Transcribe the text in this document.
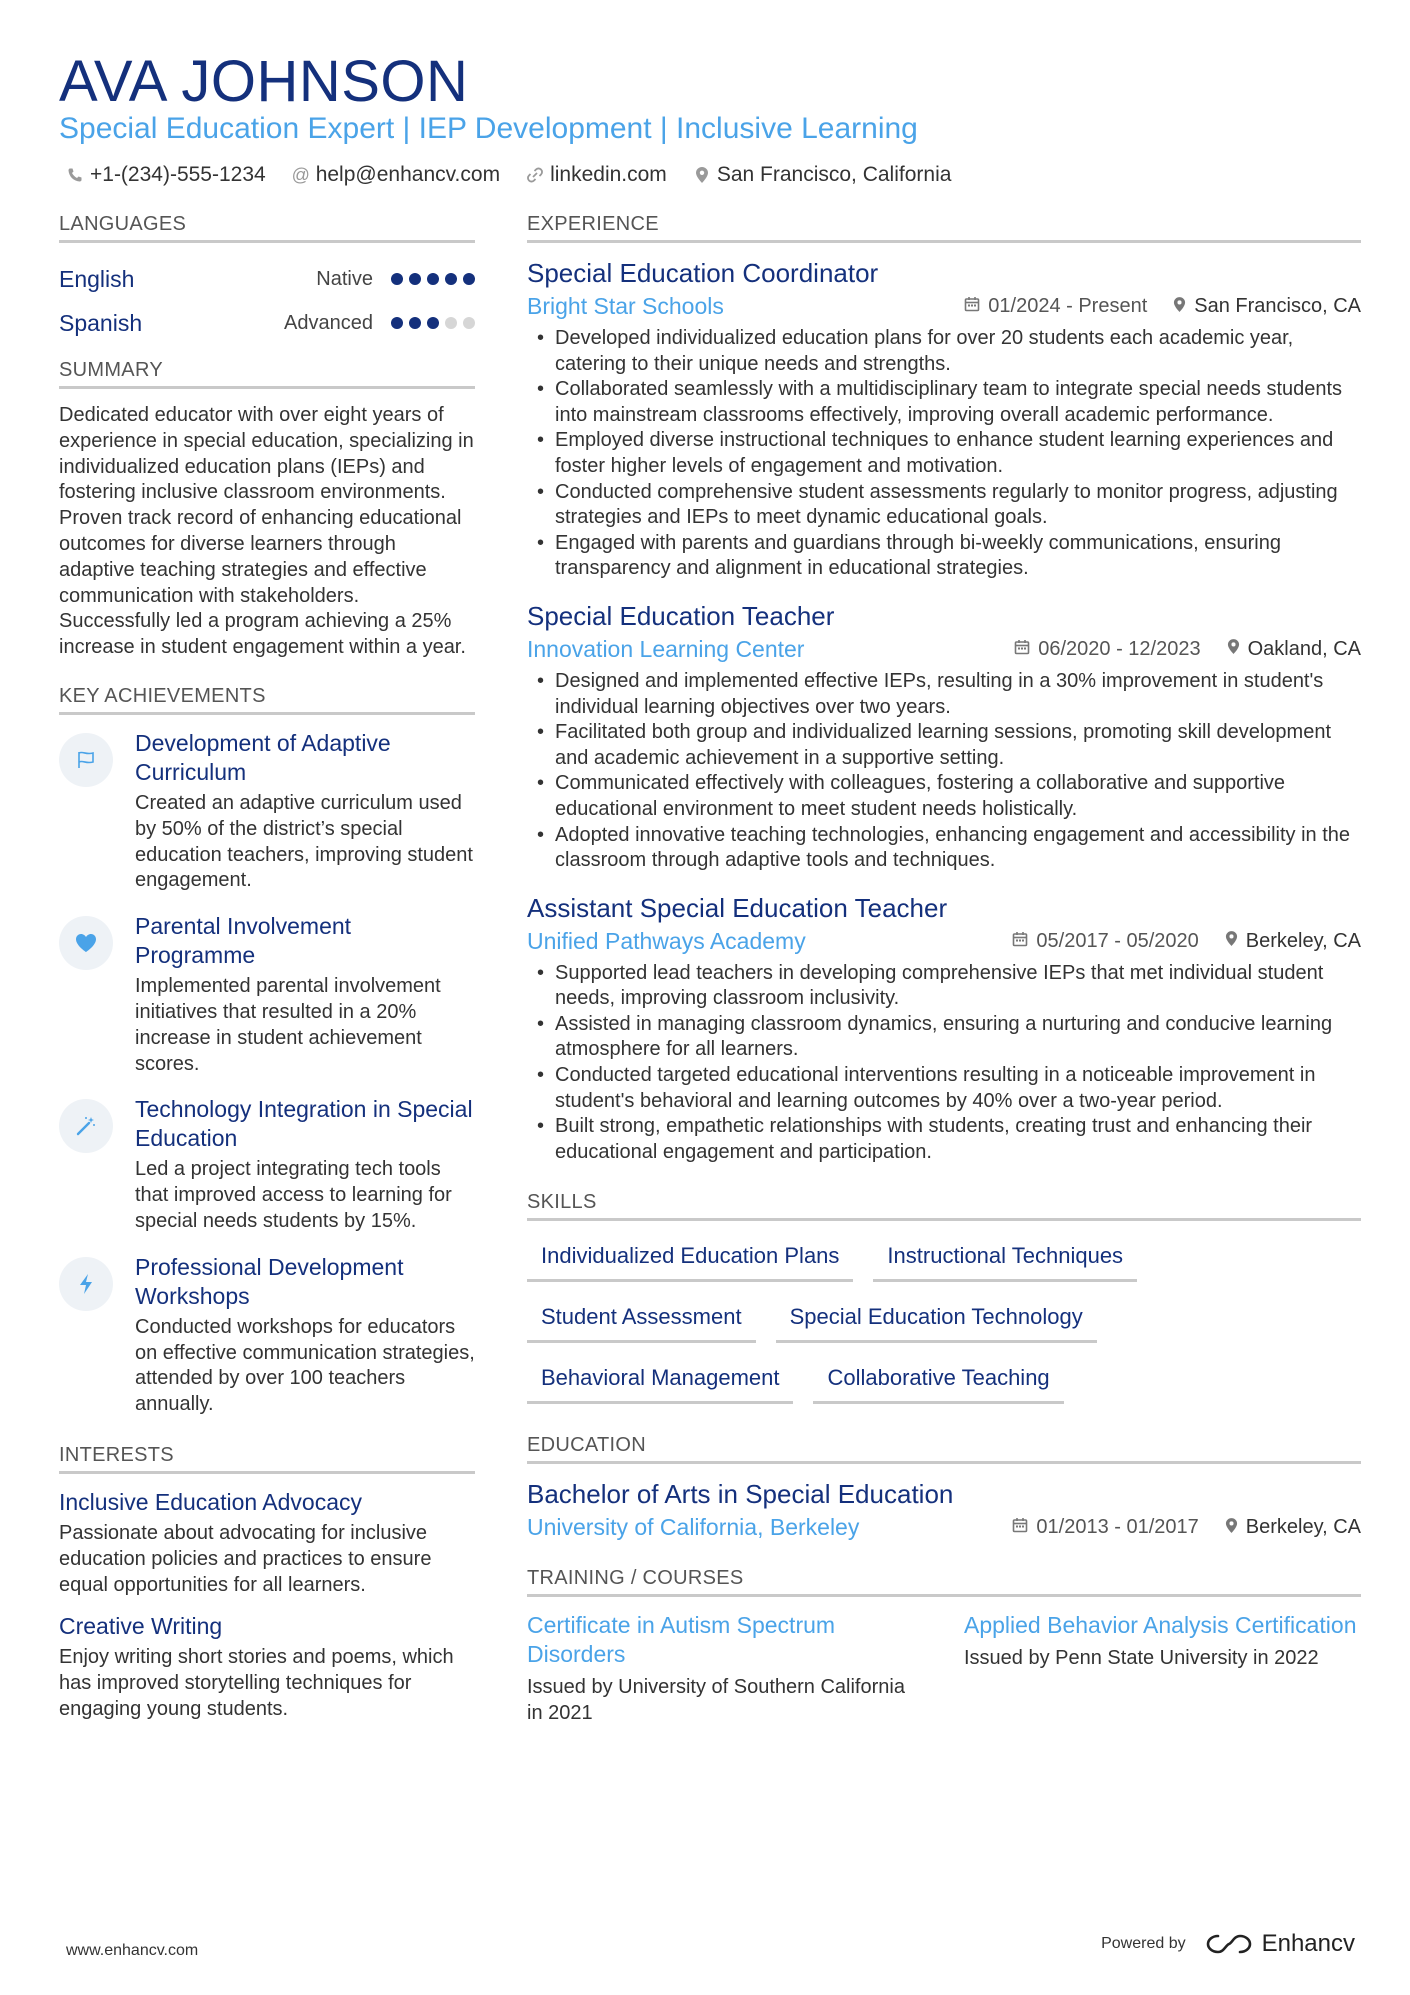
AVA JOHNSON
Special Education Expert | IEP Development | Inclusive Learning
+1-(234)-555-1234 @ help@enhancv.com linkedin.com San Francisco, California
LANGUAGES
English	Native
Spanish	Advanced
SUMMARY

Dedicated educator with over eight years of experience in special education, specializing in individualized education plans (IEPs) and fostering inclusive classroom environments. Proven track record of enhancing educational outcomes for diverse learners through adaptive teaching strategies and effective communication with stakeholders. Successfully led a program achieving a 25% increase in student engagement within a year.

KEY ACHIEVEMENTS
Development of Adaptive Curriculum
Created an adaptive curriculum used by 50% of the district’s special education teachers, improving student engagement.
Parental Involvement Programme
Implemented parental involvement initiatives that resulted in a 20% increase in student achievement scores.
Technology Integration in Special Education
Led a project integrating tech tools that improved access to learning for special needs students by 15%.
Professional Development Workshops
Conducted workshops for educators on effective communication strategies, attended by over 100 teachers annually.
INTERESTS
Inclusive Education Advocacy
Passionate about advocating for inclusive education policies and practices to ensure equal opportunities for all learners.
Creative Writing
Enjoy writing short stories and poems, which has improved storytelling techniques for engaging young students.
EXPERIENCE
Special Education Coordinator
Bright Star Schools	01/2024 - Present San Francisco, CA
• Developed individualized education plans for over 20 students each academic year, catering to their unique needs and strengths.
• Collaborated seamlessly with a multidisciplinary team to integrate special needs students into mainstream classrooms effectively, improving overall academic performance.
• Employed diverse instructional techniques to enhance student learning experiences and foster higher levels of engagement and motivation.
• Conducted comprehensive student assessments regularly to monitor progress, adjusting strategies and IEPs to meet dynamic educational goals.
• Engaged with parents and guardians through bi-weekly communications, ensuring transparency and alignment in educational strategies.
Special Education Teacher
Innovation Learning Center	06/2020 - 12/2023 Oakland, CA
• Designed and implemented effective IEPs, resulting in a 30% improvement in student's individual learning objectives over two years.
• Facilitated both group and individualized learning sessions, promoting skill development and academic achievement in a supportive setting.
• Communicated effectively with colleagues, fostering a collaborative and supportive educational environment to meet student needs holistically.
• Adopted innovative teaching technologies, enhancing engagement and accessibility in the classroom through adaptive tools and techniques.
Assistant Special Education Teacher
Unified Pathways Academy	05/2017 - 05/2020 Berkeley, CA
• Supported lead teachers in developing comprehensive IEPs that met individual student needs, improving classroom inclusivity.
• Assisted in managing classroom dynamics, ensuring a nurturing and conducive learning atmosphere for all learners.
• Conducted targeted educational interventions resulting in a noticeable improvement in student's behavioral and learning outcomes by 40% over a two-year period.
• Built strong, empathetic relationships with students, creating trust and enhancing their educational engagement and participation.
SKILLS
Individualized Education Plans	Instructional Techniques
Student Assessment	Special Education Technology
Behavioral Management	Collaborative Teaching
EDUCATION
Bachelor of Arts in Special Education
University of California, Berkeley	01/2013 - 01/2017 Berkeley, CA
TRAINING / COURSES
Certificate in Autism Spectrum Disorders
Issued by University of Southern California in 2021
Applied Behavior Analysis Certification
Issued by Penn State University in 2022
www.enhancv.com	Powered by	Enhancv
